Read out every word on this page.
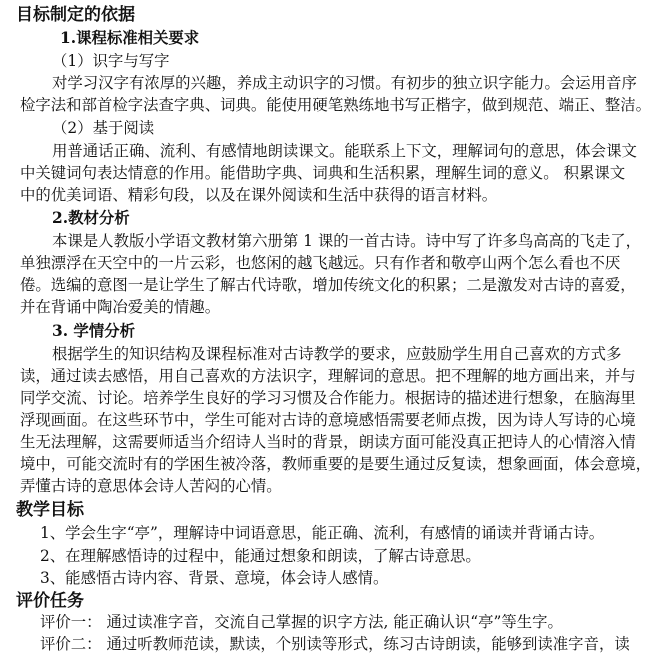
目标制定的依据
1.课程标准相关要求
（1）识字与写字
对学习汉字有浓厚的兴趣，养成主动识字的习惯。有初步的独立识字能力。会运用音序
检字法和部首检字法查字典、词典。能使用硬笔熟练地书写正楷字，做到规范、端正、整洁。
（2）基于阅读
用普通话正确、流利、有感情地朗读课文。能联系上下文，理解词句的意思，体会课文
中关键词句表达情意的作用。能借助字典、词典和生活积累，理解生词的意义。 积累课文
中的优美词语、精彩句段，以及在课外阅读和生活中获得的语言材料。
2.教材分析
本课是人教版小学语文教材第六册第 1 课的一首古诗。诗中写了许多鸟高高的飞走了，
单独漂浮在天空中的一片云彩，也悠闲的越飞越远。只有作者和敬亭山两个怎么看也不厌
倦。选编的意图一是让学生了解古代诗歌，增加传统文化的积累；二是激发对古诗的喜爱，
并在背诵中陶冶爱美的情趣。
3. 学情分析
根据学生的知识结构及课程标准对古诗教学的要求，应鼓励学生用自己喜欢的方式多
读，通过读去感悟，用自己喜欢的方法识字，理解词的意思。把不理解的地方画出来，并与
同学交流、讨论。培养学生良好的学习习惯及合作能力。根据诗的描述进行想象，在脑海里
浮现画面。在这些环节中，学生可能对古诗的意境感悟需要老师点拨，因为诗人写诗的心境
生无法理解，这需要师适当介绍诗人当时的背景，朗读方面可能没真正把诗人的心情溶入情
境中，可能交流时有的学困生被冷落，教师重要的是要生通过反复读，想象画面，体会意境，
弄懂古诗的意思体会诗人苦闷的心情。
教学目标
1、学会生字“亭”，理解诗中词语意思，能正确、流利，有感情的诵读并背诵古诗。
2、在理解感悟诗的过程中，能通过想象和朗读，了解古诗意思。
3、能感悟古诗内容、背景、意境，体会诗人感情。
评价任务
评价一： 通过读准字音，交流自己掌握的识字方法, 能正确认识“亭”等生字。
评价二： 通过听教师范读，默读，个别读等形式，练习古诗朗读，能够到读准字音，读
